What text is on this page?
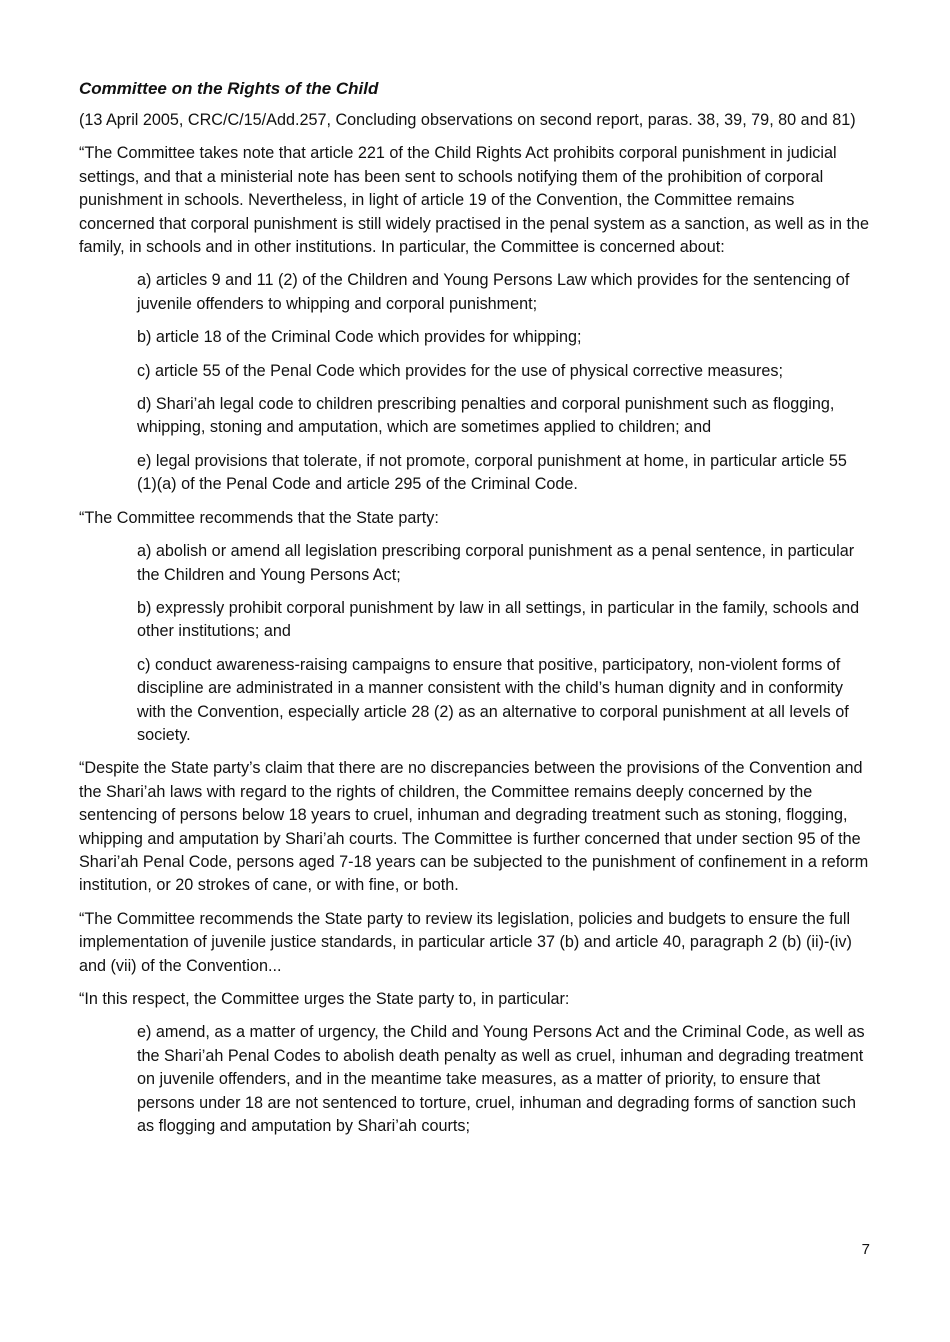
Committee on the Rights of the Child

(13 April 2005, CRC/C/15/Add.257, Concluding observations on second report, paras. 38, 39, 79, 80 and 81)

“The Committee takes note that article 221 of the Child Rights Act prohibits corporal punishment in judicial settings, and that a ministerial note has been sent to schools notifying them of the prohibition of corporal punishment in schools. Nevertheless, in light of article 19 of the Convention, the Committee remains concerned that corporal punishment is still widely practised in the penal system as a sanction, as well as in the family, in schools and in other institutions. In particular, the Committee is concerned about:

a) articles 9 and 11 (2) of the Children and Young Persons Law which provides for the sentencing of juvenile offenders to whipping and corporal punishment;

b) article 18 of the Criminal Code which provides for whipping;

c) article 55 of the Penal Code which provides for the use of physical corrective measures;

d) Shari’ah legal code to children prescribing penalties and corporal punishment such as flogging, whipping, stoning and amputation, which are sometimes applied to children; and

e) legal provisions that tolerate, if not promote, corporal punishment at home, in particular article 55 (1)(a) of the Penal Code and article 295 of the Criminal Code.

“The Committee recommends that the State party:

a) abolish or amend all legislation prescribing corporal punishment as a penal sentence, in particular the Children and Young Persons Act;

b) expressly prohibit corporal punishment by law in all settings, in particular in the family, schools and other institutions; and

c) conduct awareness-raising campaigns to ensure that positive, participatory, non-violent forms of discipline are administrated in a manner consistent with the child’s human dignity and in conformity with the Convention, especially article 28 (2) as an alternative to corporal punishment at all levels of society.

“Despite the State party’s claim that there are no discrepancies between the provisions of the Convention and the Shari’ah laws with regard to the rights of children, the Committee remains deeply concerned by the sentencing of persons below 18 years to cruel, inhuman and degrading treatment such as stoning, flogging, whipping and amputation by Shari’ah courts. The Committee is further concerned that under section 95 of the Shari’ah Penal Code, persons aged 7-18 years can be subjected to the punishment of confinement in a reform institution, or 20 strokes of cane, or with fine, or both.

“The Committee recommends the State party to review its legislation, policies and budgets to ensure the full implementation of juvenile justice standards, in particular article 37 (b) and article 40, paragraph 2 (b) (ii)-(iv) and (vii) of the Convention...

“In this respect, the Committee urges the State party to, in particular:

e) amend, as a matter of urgency, the Child and Young Persons Act and the Criminal Code, as well as the Shari’ah Penal Codes to abolish death penalty as well as cruel, inhuman and degrading treatment on juvenile offenders, and in the meantime take measures, as a matter of priority, to ensure that persons under 18 are not sentenced to torture, cruel, inhuman and degrading forms of sanction such as flogging and amputation by Shari’ah courts;

7
